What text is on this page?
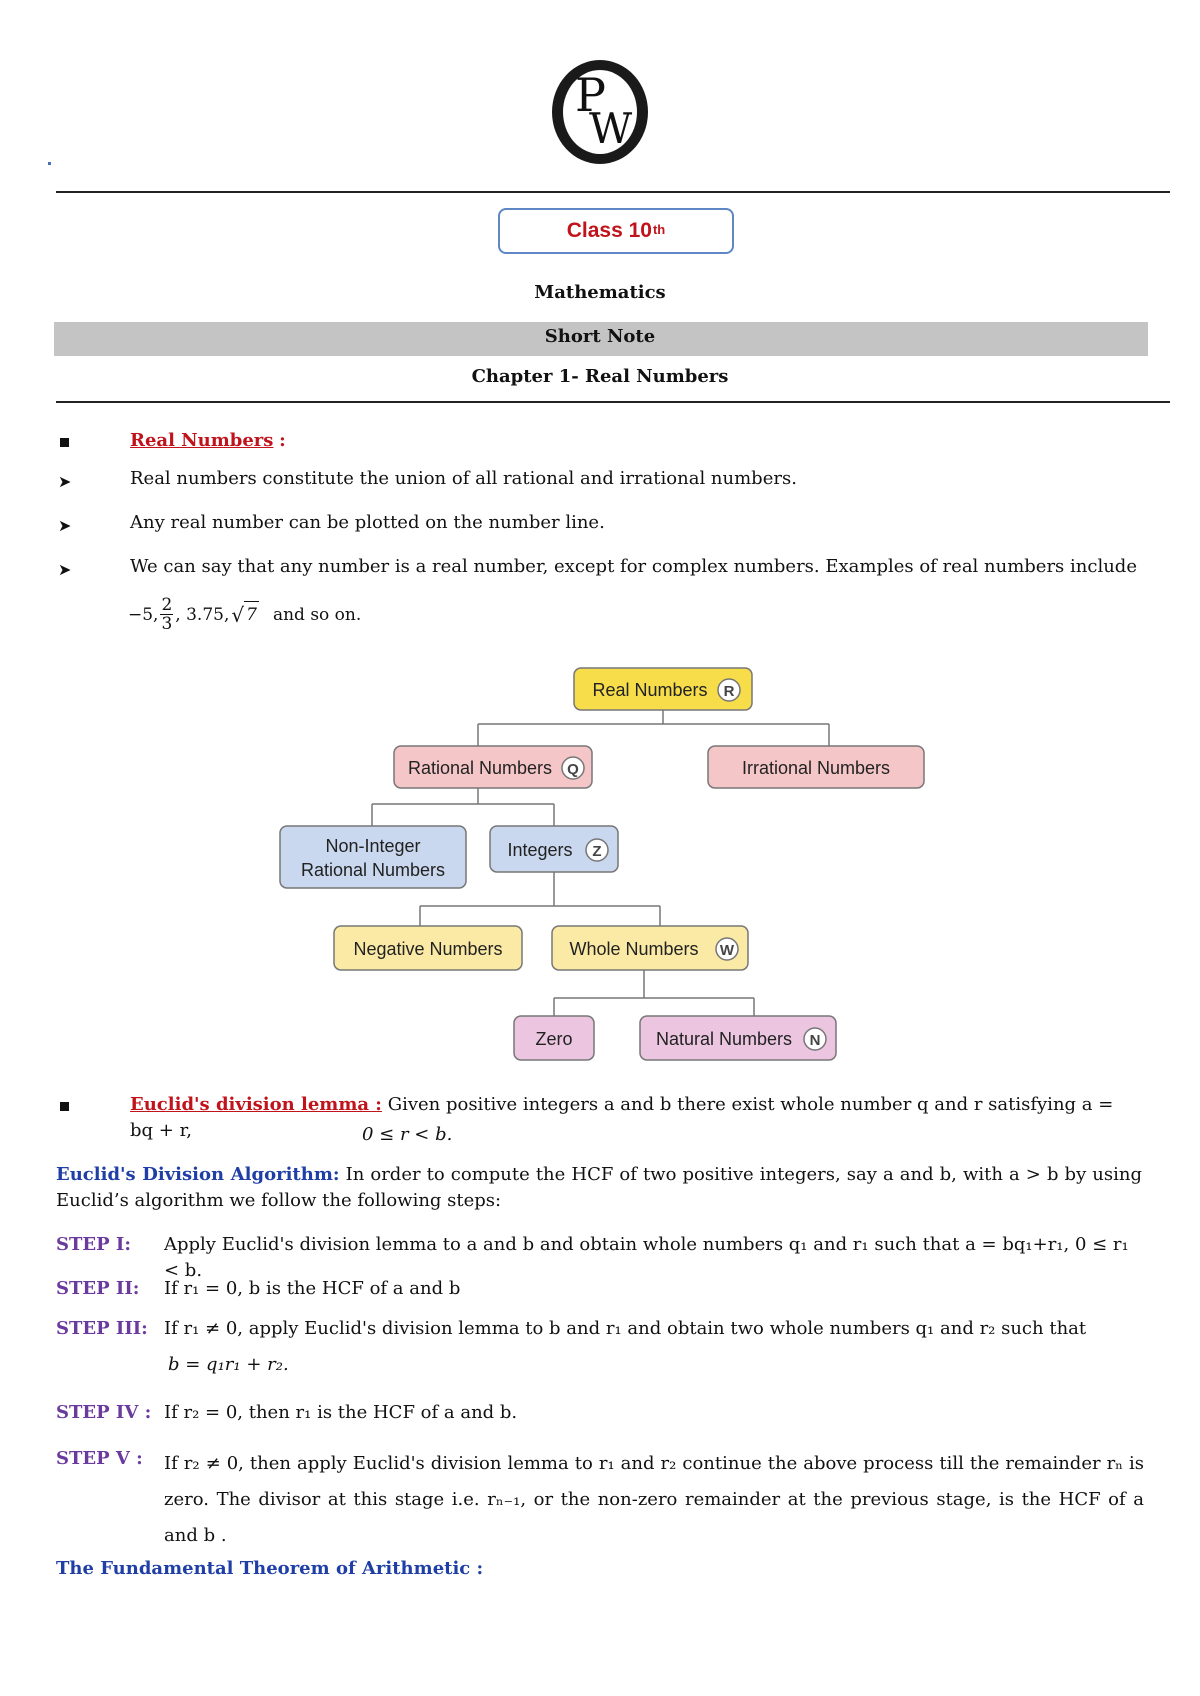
P
W
Class 10th
Mathematics
Short Note
Chapter 1- Real Numbers
Real Numbers :
➤	Real numbers constitute the union of all rational and irrational numbers.
➤	Any real number can be plotted on the number line.
➤	We can say that any number is a real number, except for complex numbers. Examples of real numbers include
−5, $\frac{2}{3}$ , 3.75, √ 7 and so on.
Real Numbers R
Rational Numbers Q	Irrational Numbers
Non-Integer
Rational Numbers
Integers Z
Negative Numbers	Whole Numbers W
Zero	Natural Numbers N
Euclid's division lemma : Given positive integers a and b there exist whole number q and r satisfying a = bq + r,	0 ≤ r < b.
Euclid's Division Algorithm: In order to compute the HCF of two positive integers, say a and b, with a > b by using Euclid’s algorithm we follow the following steps:
STEP I: Apply Euclid's division lemma to a and b and obtain whole numbers q₁ and r₁ such that a = bq₁+r₁, 0 ≤ r₁ < b.
STEP II: If r₁ = 0, b is the HCF of a and b
STEP III: If r₁ ≠ 0, apply Euclid's division lemma to b and r₁ and obtain two whole numbers q₁ and r₂ such that
b = q₁r₁ + r₂.
STEP IV : If r₂ = 0, then r₁ is the HCF of a and b.
STEP V : If r₂ ≠ 0, then apply Euclid's division lemma to r₁ and r₂ continue the above process till the remainder rₙ is zero. The divisor at this stage i.e. rₙ₋₁, or the non-zero remainder at the previous stage, is the HCF of a and b .
The Fundamental Theorem of Arithmetic :
